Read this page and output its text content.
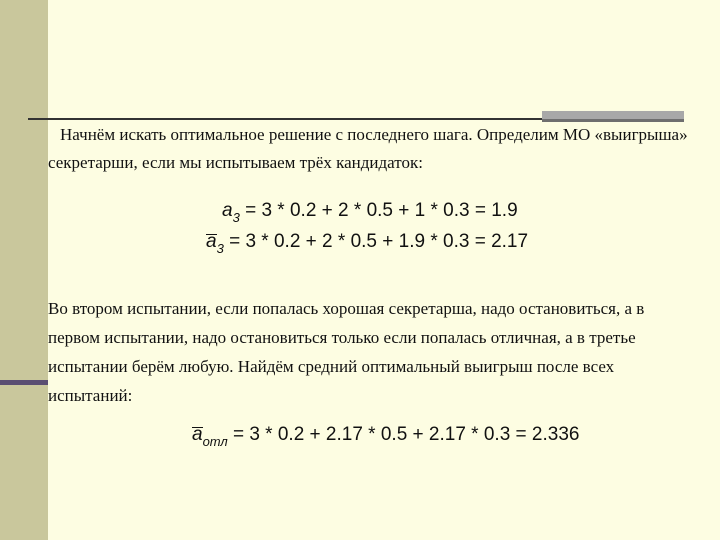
Начнём искать оптимальное решение с последнего шага. Определим МО «выигрыша» секретарши, если мы испытываем трёх кандидаток:

$a_3 = 3 * 0.2 + 2 * 0.5 + 1 * 0.3 = 1.9$
$a_3 = 3 * 0.2 + 2 * 0.5 + 1.9 * 0.3 = 2.17$

Во втором испытании, если попалась хорошая секретарша, надо остановиться, а в первом испытании, надо остановиться только если попалась отличная, а в третье испытании берём любую. Найдём средний оптимальный выигрыш после всех испытаний:

$a_{отл} = 3 * 0.2 + 2.17 * 0.5 + 2.17 * 0.3 = 2.336$
